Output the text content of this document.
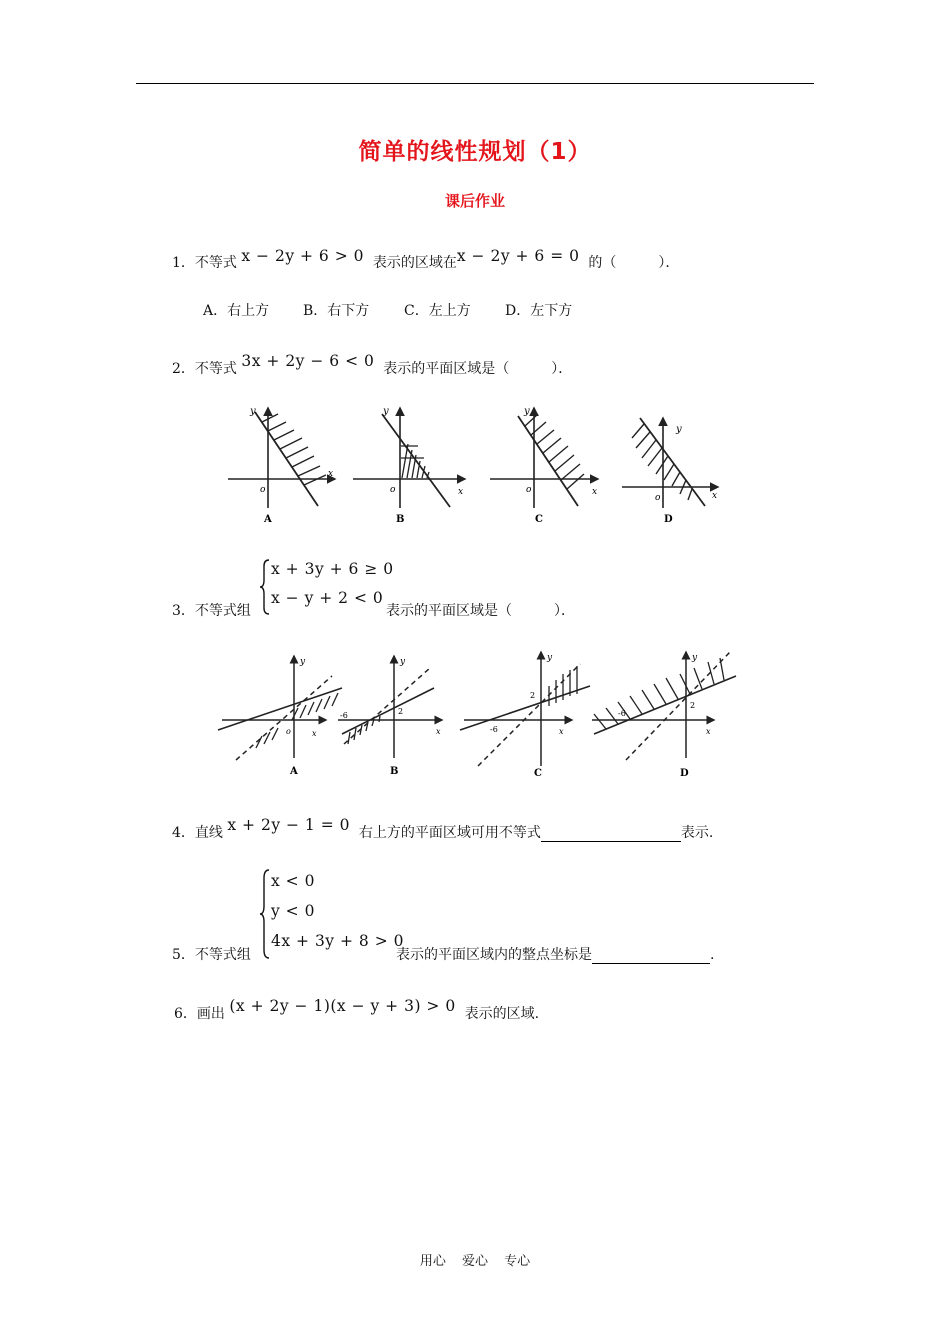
简单的线性规划（1）
课后作业
1．不等式 x − 2y + 6 > 0 表示的区域在x − 2y + 6 = 0 的（　　　）．
A．右上方 B．右下方 C．左上方 D．左下方
2．不等式 3x + 2y − 6 < 0 表示的平面区域是（　　　）．
y
o
x
A
y
o	x
B
y
o	x
C
y
o	x
D
3．不等式组
x + 3y + 6 ≥ 0
x − y + 2 < 0
表示的平面区域是（　　　）．
y
o	x
A
-6	2
y
x
B
2
-6
y
x
C
-6
2
y
x
D
4．直线 x + 2y − 1 = 0 右上方的平面区域可用不等式	表示.
5．不等式组
x < 0
y < 0
4x + 3y + 8 > 0
表示的平面区域内的整点坐标是	.
6．画出 (x + 2y − 1)(x − y + 3) > 0 表示的区域.
用心 爱心 专心
